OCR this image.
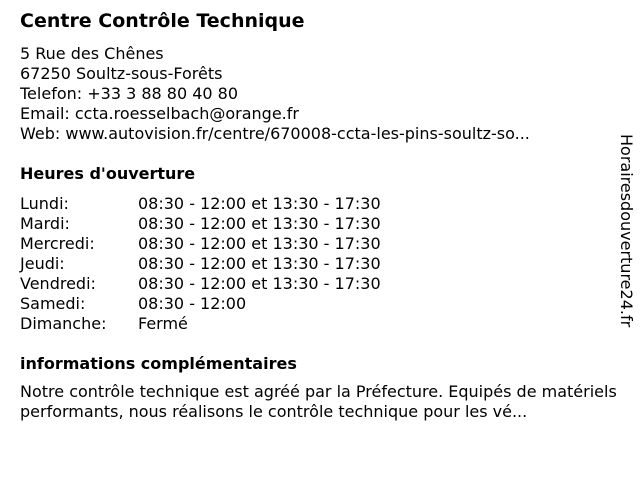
Centre Contrôle Technique
5 Rue des Chênes
67250 Soultz-sous-Forêts
Telefon: +33 3 88 80 40 80
Email: ccta.roesselbach@orange.fr
Web: www.autovision.fr/centre/670008-ccta-les-pins-soultz-so...
Heures d'ouverture
Lundi:	08:30 - 12:00 et 13:30 - 17:30
Mardi:	08:30 - 12:00 et 13:30 - 17:30
Mercredi:	08:30 - 12:00 et 13:30 - 17:30
Jeudi:	08:30 - 12:00 et 13:30 - 17:30
Vendredi:	08:30 - 12:00 et 13:30 - 17:30
Samedi:	08:30 - 12:00
Dimanche: Fermé
informations complémentaires
Notre contrôle technique est agréé par la Préfecture. Equipés de matériels performants, nous réalisons le contrôle technique pour les vé...
Horairesdouverture24.fr
